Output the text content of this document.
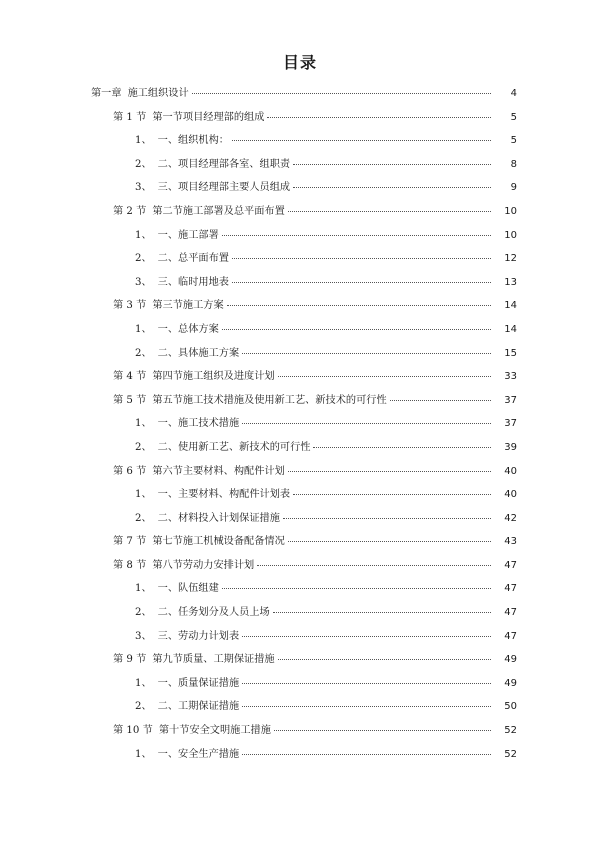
目录
第一章 施工组织设计	4
第 1 节 第一节项目经理部的组成	5
1、 一、组织机构：	5
2、 二、项目经理部各室、组职责	8
3、 三、项目经理部主要人员组成	9
第 2 节 第二节施工部署及总平面布置	10
1、 一、施工部署	10
2、 二、总平面布置	12
3、 三、临时用地表	13
第 3 节 第三节施工方案	14
1、 一、总体方案	14
2、 二、具体施工方案	15
第 4 节 第四节施工组织及进度计划	33
第 5 节 第五节施工技术措施及使用新工艺、新技术的可行性	37
1、 一、施工技术措施	37
2、 二、使用新工艺、新技术的可行性	39
第 6 节 第六节主要材料、构配件计划	40
1、 一、主要材料、构配件计划表	40
2、 二、材料投入计划保证措施	42
第 7 节 第七节施工机械设备配备情况	43
第 8 节 第八节劳动力安排计划	47
1、 一、队伍组建	47
2、 二、任务划分及人员上场	47
3、 三、劳动力计划表	47
第 9 节 第九节质量、工期保证措施	49
1、 一、质量保证措施	49
2、 二、工期保证措施	50
第 10 节 第十节安全文明施工措施	52
1、 一、安全生产措施	52
